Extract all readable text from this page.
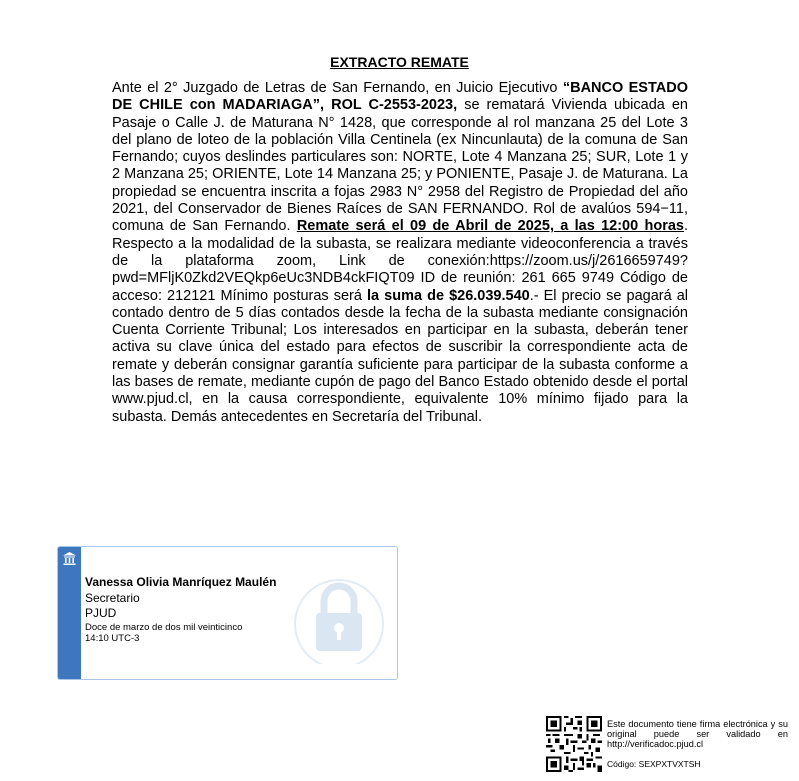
EXTRACTO REMATE

Ante el 2° Juzgado de Letras de San Fernando, en Juicio Ejecutivo “BANCO ESTADO DE CHILE con MADARIAGA”, ROL C-2553-2023, se rematará Vivienda ubicada en Pasaje o Calle J. de Maturana N° 1428, que corresponde al rol manzana 25 del Lote 3 del plano de loteo de la población Villa Centinela (ex Nincunlauta) de la comuna de San Fernando; cuyos deslindes particulares son: NORTE, Lote 4 Manzana 25; SUR, Lote 1 y 2 Manzana 25; ORIENTE, Lote 14 Manzana 25; y PONIENTE, Pasaje J. de Maturana. La propiedad se encuentra inscrita a fojas 2983 N° 2958 del Registro de Propiedad del año 2021, del Conservador de Bienes Raíces de SAN FERNANDO. Rol de avalúos 594−11, comuna de San Fernando. Remate será el 09 de Abril de 2025, a las 12:00 horas. Respecto a la modalidad de la subasta, se realizara mediante videoconferencia a través de la plataforma zoom, Link de conexión:https://zoom.us/j/2616659749?pwd=MFljK0Zkd2VEQkp6eUc3NDB4ckFIQT09 ID de reunión: 261 665 9749 Código de acceso: 212121 Mínimo posturas será la suma de $26.039.540.- El precio se pagará al contado dentro de 5 días contados desde la fecha de la subasta mediante consignación Cuenta Corriente Tribunal; Los interesados en participar en la subasta, deberán tener activa su clave única del estado para efectos de suscribir la correspondiente acta de remate y deberán consignar garantía suficiente para participar de la subasta conforme a las bases de remate, mediante cupón de pago del Banco Estado obtenido desde el portal www.pjud.cl, en la causa correspondiente, equivalente 10% mínimo fijado para la subasta. Demás antecedentes en Secretaría del Tribunal.

Vanessa Olivia Manríquez Maulén
Secretario
PJUD
Doce de marzo de dos mil veinticinco
14:10 UTC-3
Este documento tiene firma electrónica y su original puede ser validado en http://verificadoc.pjud.cl
Código: SEXPXTVXTSH
